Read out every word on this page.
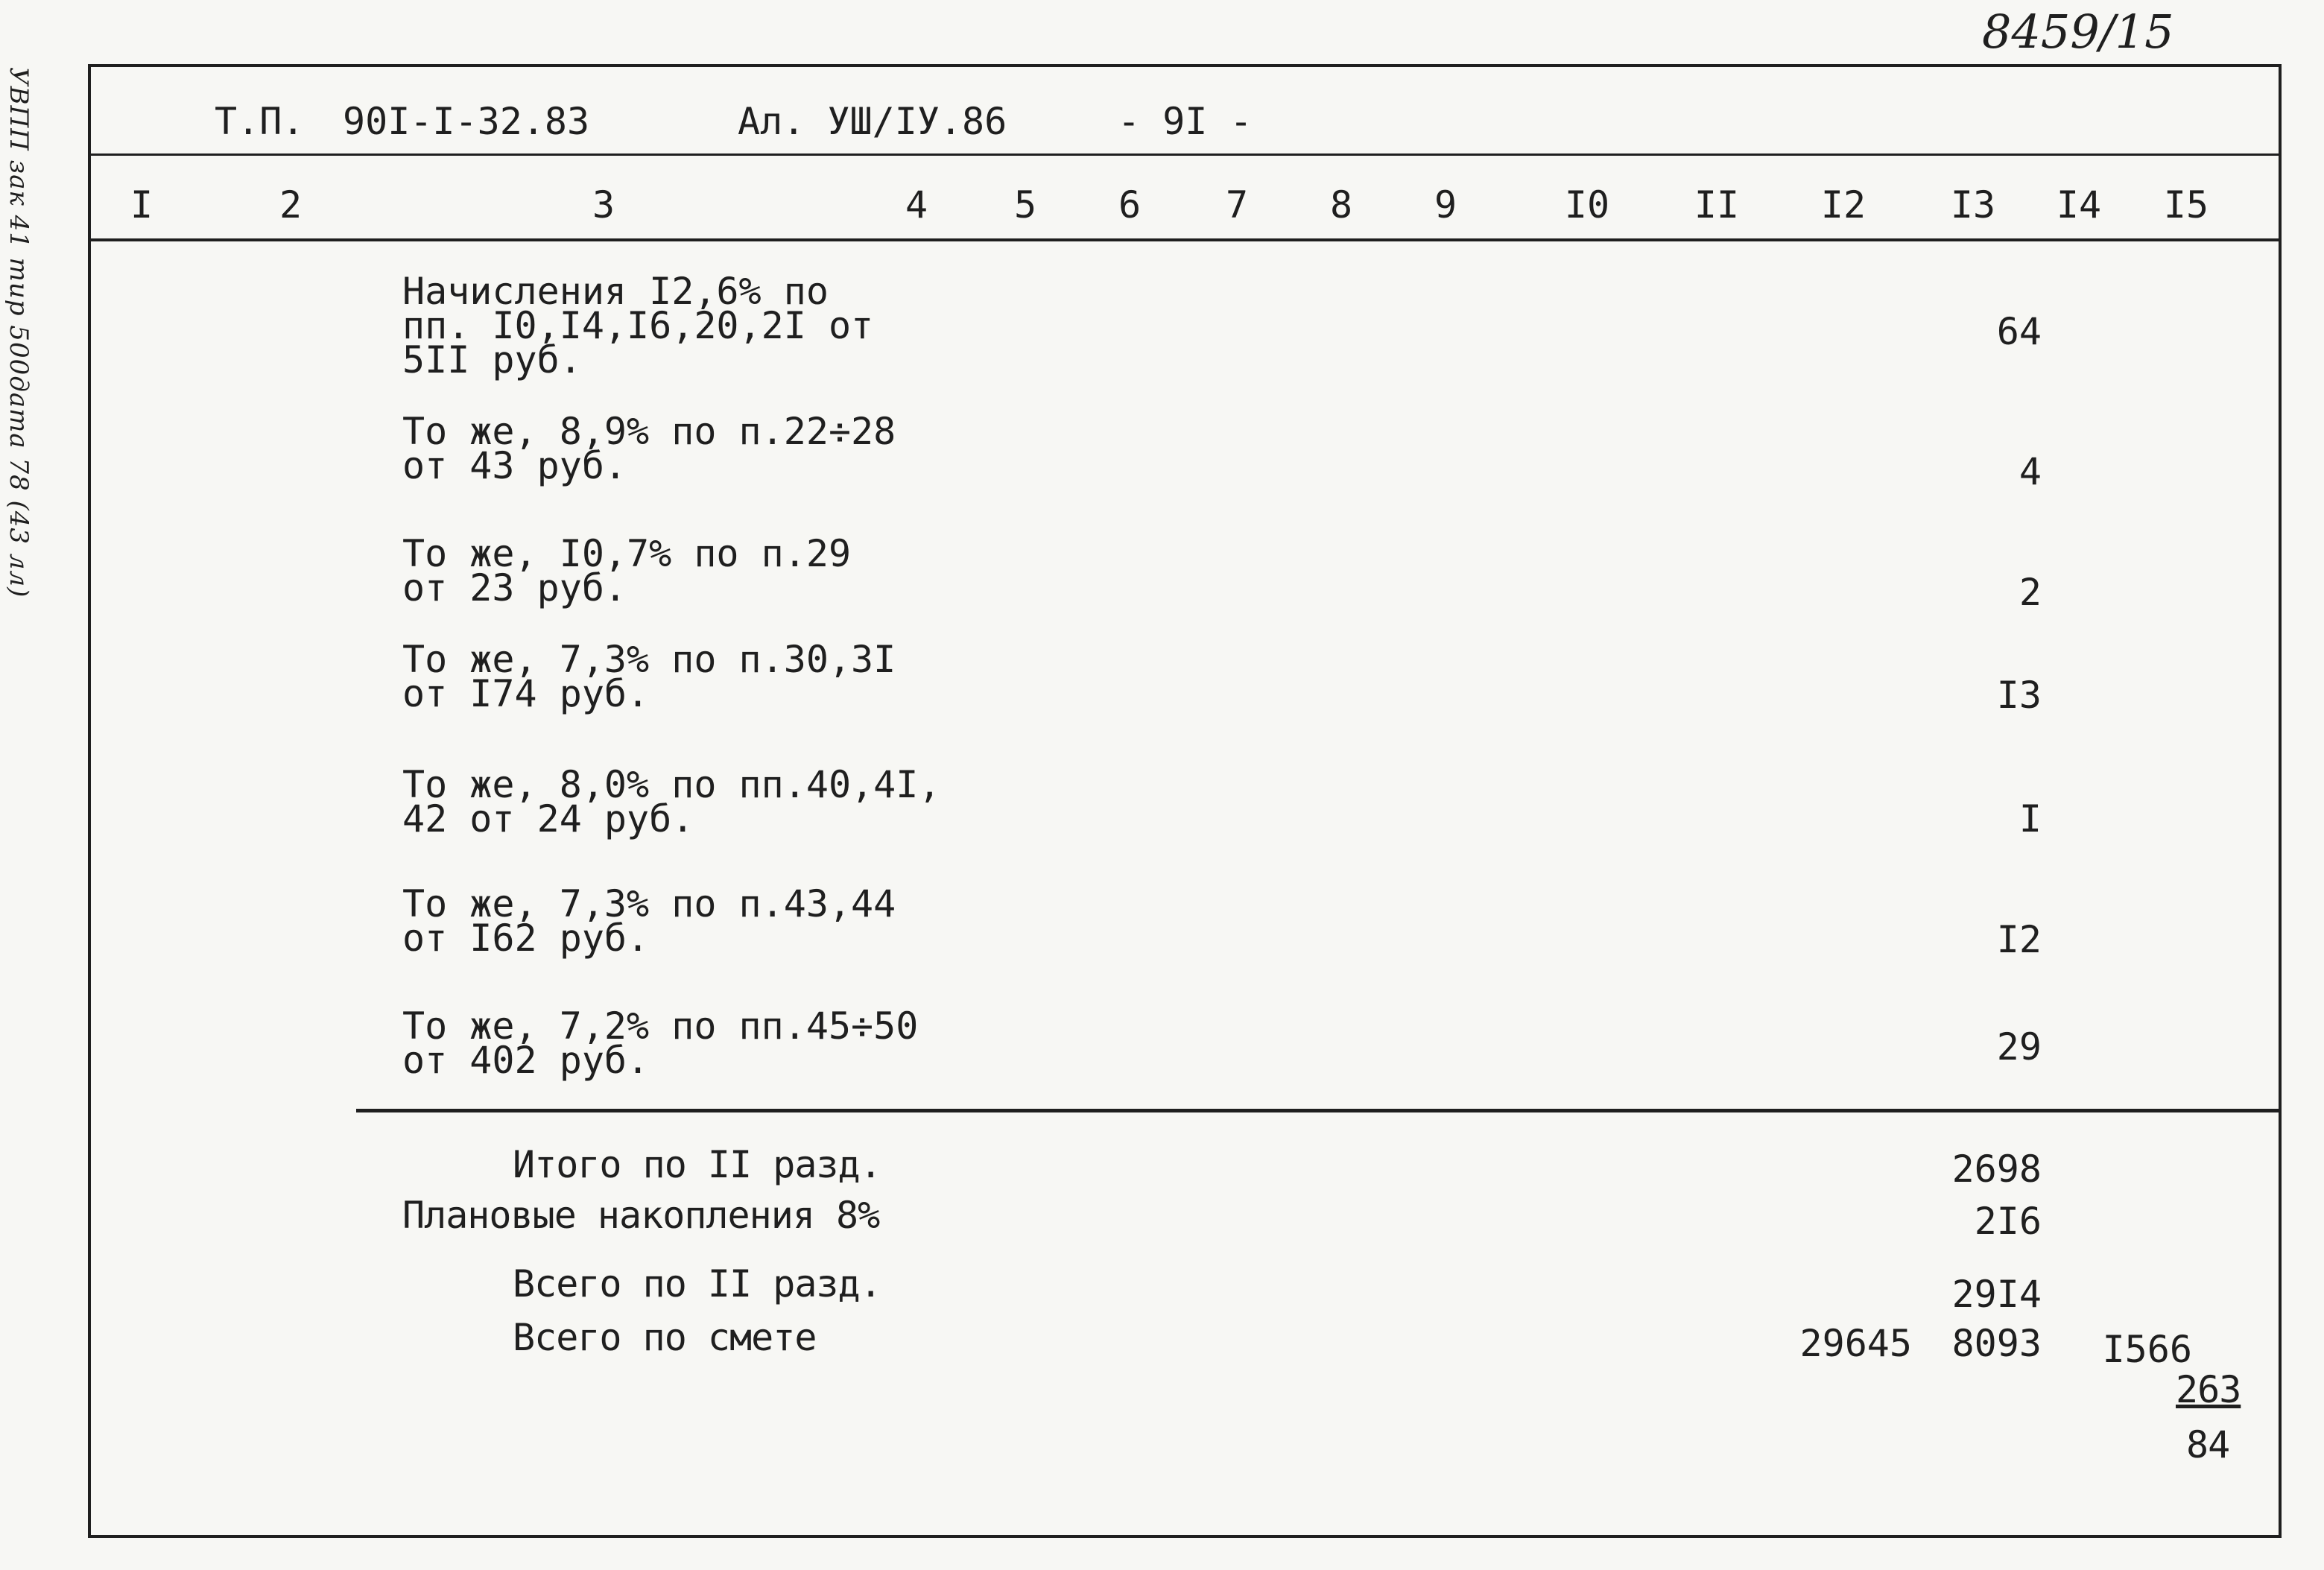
8459/15
УВПП зак 41 тир 500дата 78 (43 лл)	Т.П. 90I-I-32.83	Ал. УШ/IУ.86	- 9I -
I	2	3	4	5	6	7	8	9	I0	II	I2	I3	I4	I5
Начисления I2,6% по
пп. I0,I4,I6,20,2I от
5II руб.
64
То же, 8,9% по п.22÷28
от 43 руб.	4
То же, I0,7% по п.29
от 23 руб.	2
То же, 7,3% по п.30,3I
от I74 руб.	I3
То же, 8,0% по пп.40,4I,
42 от 24 руб.	I
То же, 7,3% по п.43,44
от I62 руб.	I2
То же, 7,2% по пп.45÷50
от 402 руб.	29
Итого по II разд.	2698
Плановые накопления 8%	2I6
Всего по II разд.	29I4
Всего по смете	29645	8093	I566
263
84
